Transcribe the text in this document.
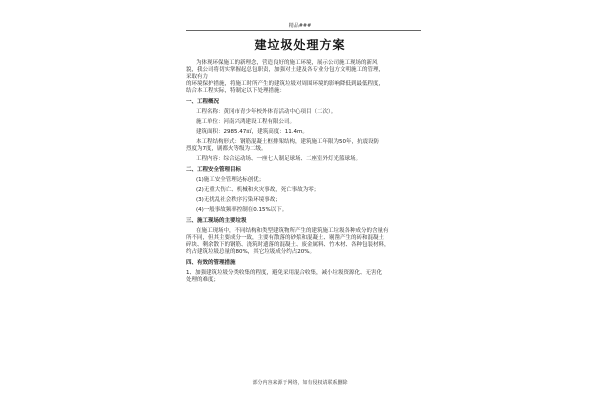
精品###
建垃圾处理方案
为体现环保施工的新理念，营造良好的施工环境，展示公司施工现场的新风
貌，我公司将切实掌握起总包职责，加强对土建及各专业分包方文明施工的管理，
采取有力
的环境保护措施，将施工时所产生的建筑垃圾对周围环境的影响降低到最低程度，
结合本工程实际，特制定以下处理措施：
一、工程概况
工程名称：黄冈市青少年校外体育活动中心项目（二次）。
施工单位：河南兴鸿建设工程有限公司。
建筑面积：2985.47㎡，建筑高度：11.4m。
本工程结构形式：钢筋混凝土框排架结构，建筑施工年限为50年，抗震设防
烈度为7度，剧都火等级为二级。
工程内容：综合运动场、一座七人制足球场、二座室外灯光篮球场。
二、工程安全管理目标
(1)施工安全管理达标创优；
(2)无重大伤亡、机械和火灾事故，死亡事故为零；
(3)无扰乱社会秩序污染环境事故；
(4)一般事故频率控制在0.15%以下。
三、施工现场的主要垃圾
在施工现场中，不同结构和类型建筑物所产生的建筑施工垃圾各种成分的含量有
所不同，但其主要成分一致，主要有散落的砂浆和混凝土、剔凿产生的砖和混凝土
碎块、剩余散下的钢筋、浇筑时遗落的混凝土、废金属料、竹木材、各种包装材料，
约占建筑垃圾总量的80%，其它垃圾成分约占20%。
四、有效的管理措施
1、加强建筑垃圾分类收集的程度，避免采用混合收集，减小垃圾资源化、无害化
处理的难度；
部分内容来源于网络，如有侵权请联系删除
